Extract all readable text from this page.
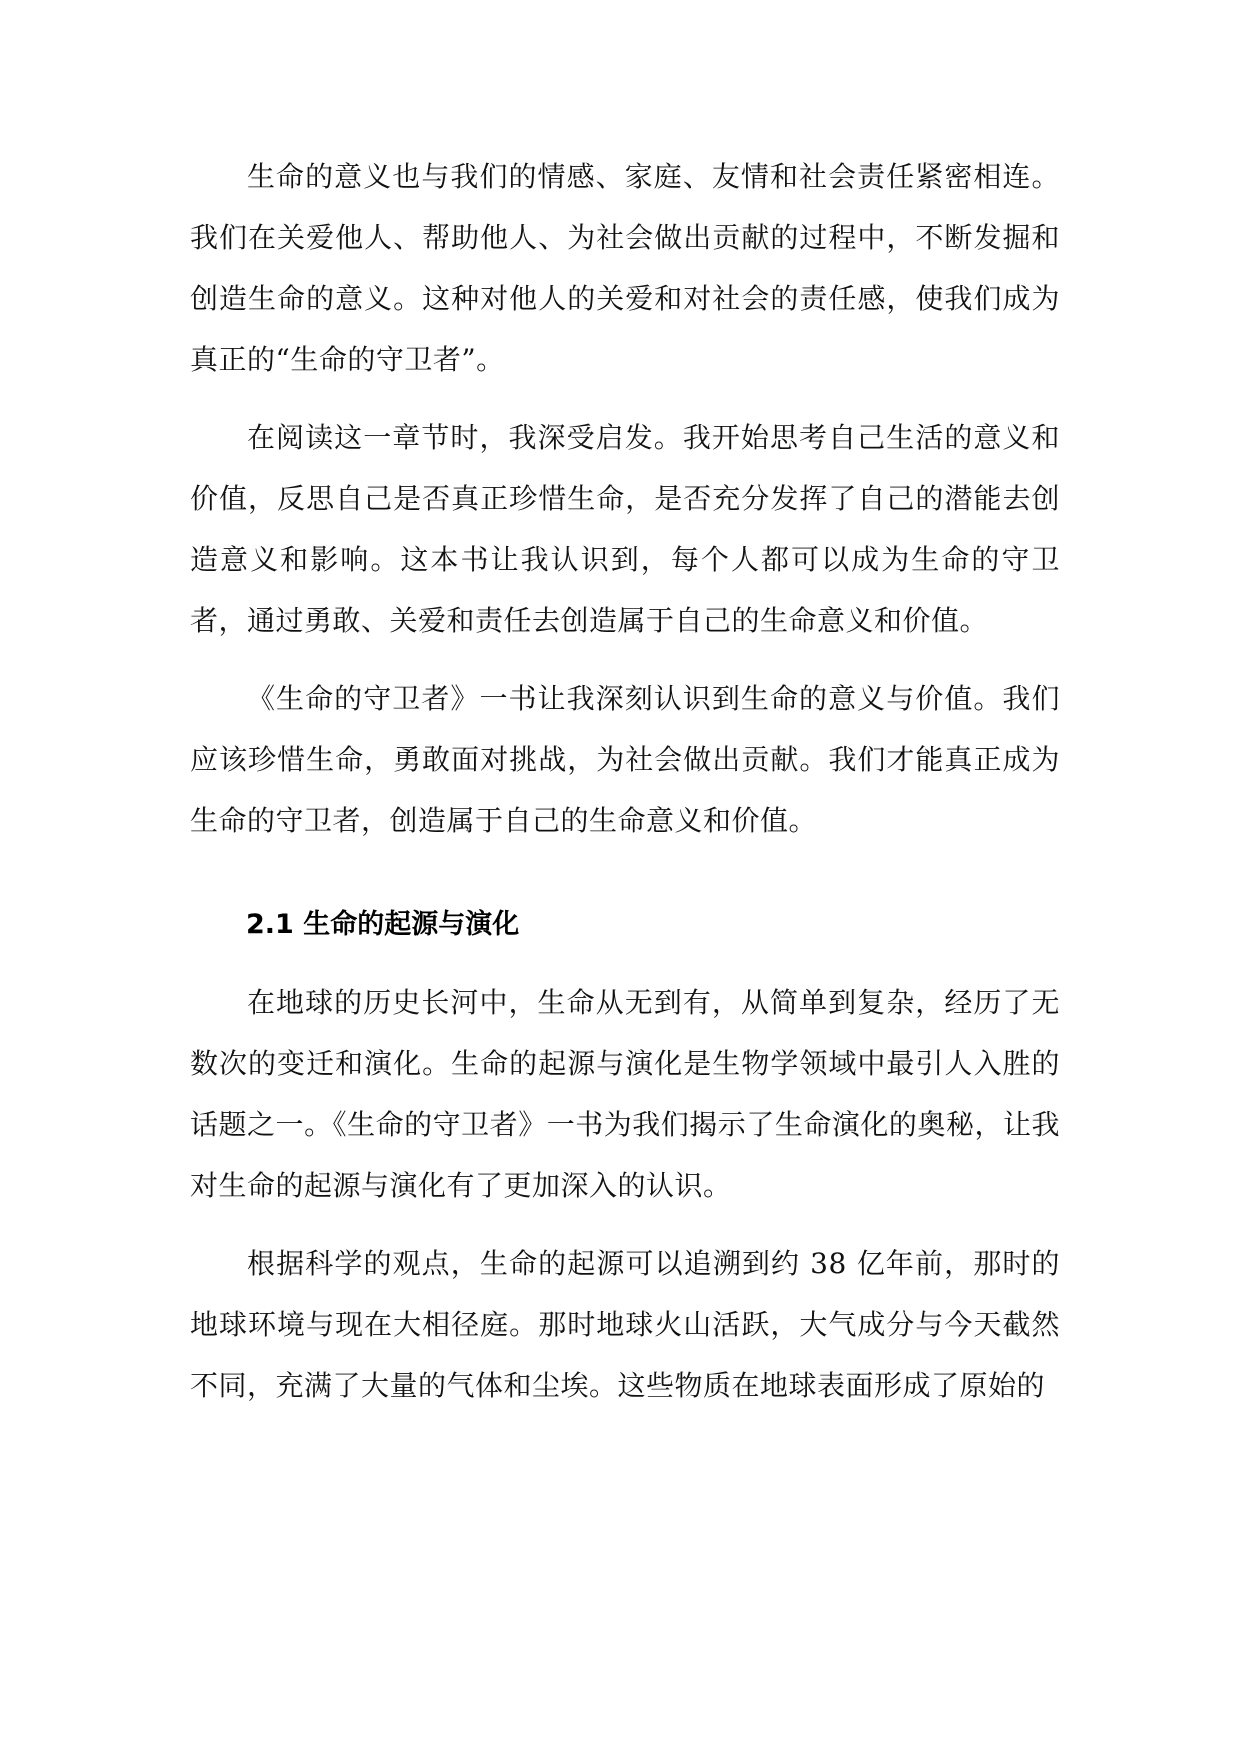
生命的意义也与我们的情感、家庭、友情和社会责任紧密相连。我们在关爱他人、帮助他人、为社会做出贡献的过程中，不断发掘和创造生命的意义。这种对他人的关爱和对社会的责任感，使我们成为真正的“生命的守卫者”。

在阅读这一章节时，我深受启发。我开始思考自己生活的意义和价值，反思自己是否真正珍惜生命，是否充分发挥了自己的潜能去创造意义和影响。这本书让我认识到，每个人都可以成为生命的守卫者，通过勇敢、关爱和责任去创造属于自己的生命意义和价值。

《生命的守卫者》一书让我深刻认识到生命的意义与价值。我们应该珍惜生命，勇敢面对挑战，为社会做出贡献。我们才能真正成为生命的守卫者，创造属于自己的生命意义和价值。

2.1 生命的起源与演化

在地球的历史长河中，生命从无到有，从简单到复杂，经历了无数次的变迁和演化。生命的起源与演化是生物学领域中最引人入胜的话题之一。《生命的守卫者》一书为我们揭示了生命演化的奥秘，让我对生命的起源与演化有了更加深入的认识。

根据科学的观点，生命的起源可以追溯到约 38 亿年前，那时的地球环境与现在大相径庭。那时地球火山活跃，大气成分与今天截然不同，充满了大量的气体和尘埃。这些物质在地球表面形成了原始的
